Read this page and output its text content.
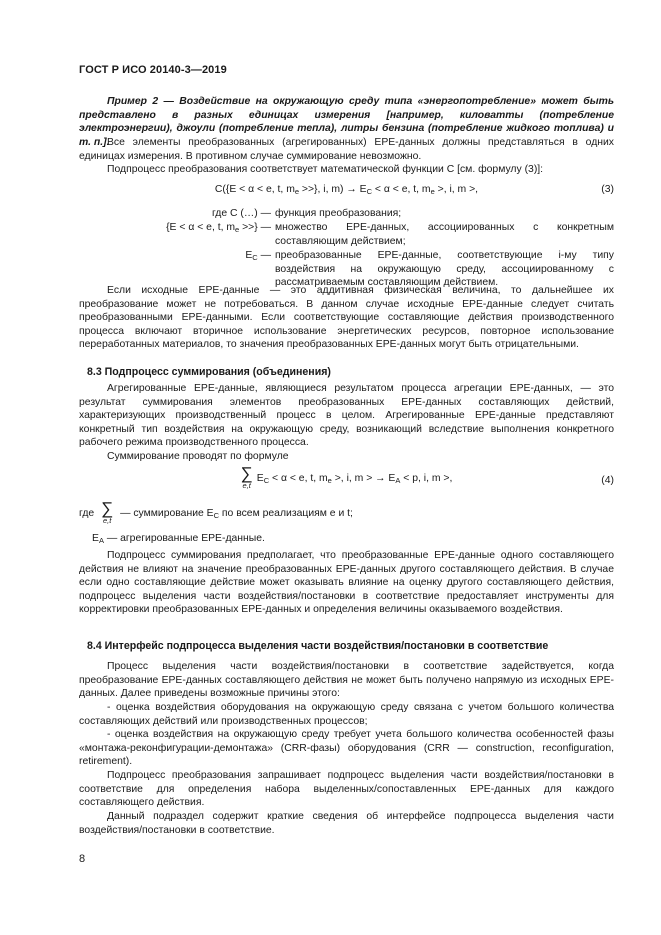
ГОСТ Р ИСО 20140-3—2019

Пример 2 — Воздействие на окружающую среду типа «энергопотребление» может быть представлено в разных единицах измерения [например, киловатты (потребление электроэнергии), джоули (потребление тепла), литры бензина (потребление жидкого топлива) и т. п.].

Все элементы преобразованных (агрегированных) EPE-данных должны представляться в одних единицах измерения. В противном случае суммирование невозможно.

Подпроцесс преобразования соответствует математической функции C [см. формулу (3)]:

C({E < α < e, t, $m_e$ >>}, i, $m) \to E_C < \alpha < e$, t, $m_e$ >, i, m >,	(3)
где C (…) — функция преобразования;
{E < α < e, t, $m_e$ >>} — множество EPE-данных, ассоциированных с конкретным составляющим действием;
$E_C$ — преобразованные EPE-данные, соответствующие i-му типу воздействия на окружающую среду, ассоциированному с рассматриваемым составляющим действием.

Если исходные EPE-данные — это аддитивная физическая величина, то дальнейшее их преобразование может не потребоваться. В данном случае исходные EPE-данные следует считать преобразованными EPE-данными. Если соответствующие составляющие действия производственного процесса включают вторичное использование энергетических ресурсов, повторное использование переработанных материалов, то значения преобразованных EPE-данных могут быть отрицательными.

8.3 Подпроцесс суммирования (объединения)

Агрегированные EPE-данные, являющиеся результатом процесса агрегации EPE-данных, — это результат суммирования элементов преобразованных EPE-данных составляющих действий, характеризующих производственный процесс в целом. Агрегированные EPE-данные представляют конкретный тип воздействия на окружающую среду, возникающий вследствие выполнения конкретного рабочего режима производственного процесса.

Суммирование проводят по формуле

∑
e,t
$E_C < \alpha < e$, t, $m_e$ >, i, m > → $E_A < p$, i, m >,	(4)
где ∑
e,t
— суммирование $E_C$ по всем реализациям e и t;
$E_A$ — агрегированные EPE-данные.

Подпроцесс суммирования предполагает, что преобразованные EPE-данные одного составляющего действия не влияют на значение преобразованных EPE-данных другого составляющего действия. В случае если одно составляющие действие может оказывать влияние на оценку другого составляющего действия, подпроцесс выделения части воздействия/постановки в соответствие предоставляет инструменты для корректировки преобразованных EPE-данных и определения величины оказываемого воздействия.

8.4 Интерфейс подпроцесса выделения части воздействия/постановки в соответствие

Процесс выделения части воздействия/постановки в соответствие задействуется, когда преобразование EPE-данных составляющего действия не может быть получено напрямую из исходных EPE-данных. Далее приведены возможные причины этого:

- оценка воздействия оборудования на окружающую среду связана с учетом большого количества составляющих действий или производственных процессов;

- оценка воздействия на окружающую среду требует учета большого количества особенностей фазы «монтажа-реконфигурации-демонтажа» (CRR-фазы) оборудования (CRR — construction, reconfiguration, retirement).

Подпроцесс преобразования запрашивает подпроцесс выделения части воздействия/постановки в соответствие для определения набора выделенных/сопоставленных EPE-данных для каждого составляющего действия.

Данный подраздел содержит краткие сведения об интерфейсе подпроцесса выделения части воздействия/постановки в соответствие.

8
